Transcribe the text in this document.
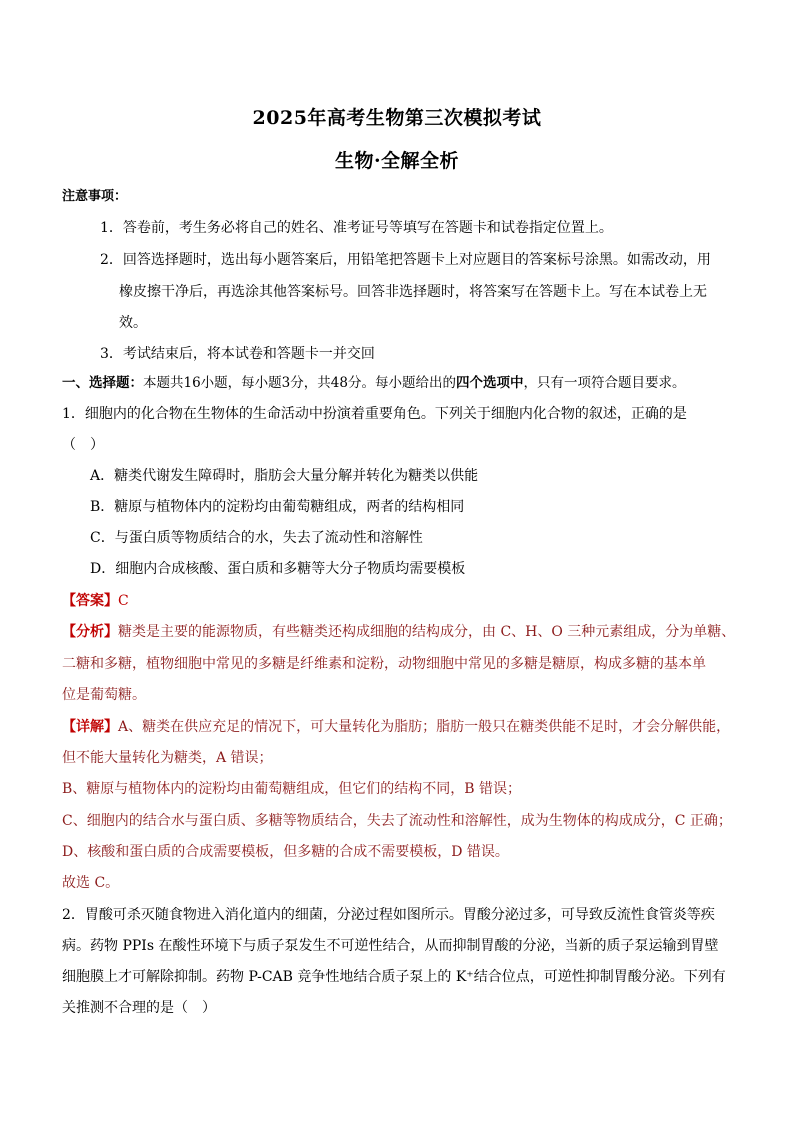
2025年高考生物第三次模拟考试
生物·全解全析
注意事项：
1．答卷前，考生务必将自己的姓名、准考证号等填写在答题卡和试卷指定位置上。
2．回答选择题时，选出每小题答案后，用铅笔把答题卡上对应题目的答案标号涂黑。如需改动，用
橡皮擦干净后，再选涂其他答案标号。回答非选择题时，将答案写在答题卡上。写在本试卷上无
效。
3．考试结束后，将本试卷和答题卡一并交回
一、选择题：本题共16小题，每小题3分，共48分。每小题给出的四个选项中，只有一项符合题目要求。
1．细胞内的化合物在生物体的生命活动中扮演着重要角色。下列关于细胞内化合物的叙述，正确的是
（　）
A．糖类代谢发生障碍时，脂肪会大量分解并转化为糖类以供能
B．糖原与植物体内的淀粉均由葡萄糖组成，两者的结构相同
C．与蛋白质等物质结合的水，失去了流动性和溶解性
D．细胞内合成核酸、蛋白质和多糖等大分子物质均需要模板
【答案】C
【分析】糖类是主要的能源物质，有些糖类还构成细胞的结构成分，由 C、H、O 三种元素组成，分为单糖、
二糖和多糖，植物细胞中常见的多糖是纤维素和淀粉，动物细胞中常见的多糖是糖原，构成多糖的基本单
位是葡萄糖。
【详解】A、糖类在供应充足的情况下，可大量转化为脂肪；脂肪一般只在糖类供能不足时，才会分解供能，
但不能大量转化为糖类，A 错误；
B、糖原与植物体内的淀粉均由葡萄糖组成，但它们的结构不同，B 错误；
C、细胞内的结合水与蛋白质、多糖等物质结合，失去了流动性和溶解性，成为生物体的构成成分，C 正确；
D、核酸和蛋白质的合成需要模板，但多糖的合成不需要模板，D 错误。
故选 C。
2．胃酸可杀灭随食物进入消化道内的细菌，分泌过程如图所示。胃酸分泌过多，可导致反流性食管炎等疾
病。药物 PPIs 在酸性环境下与质子泵发生不可逆性结合，从而抑制胃酸的分泌，当新的质子泵运输到胃壁
细胞膜上才可解除抑制。药物 P-CAB 竞争性地结合质子泵上的 K⁺结合位点，可逆性抑制胃酸分泌。下列有
关推测不合理的是（　）
